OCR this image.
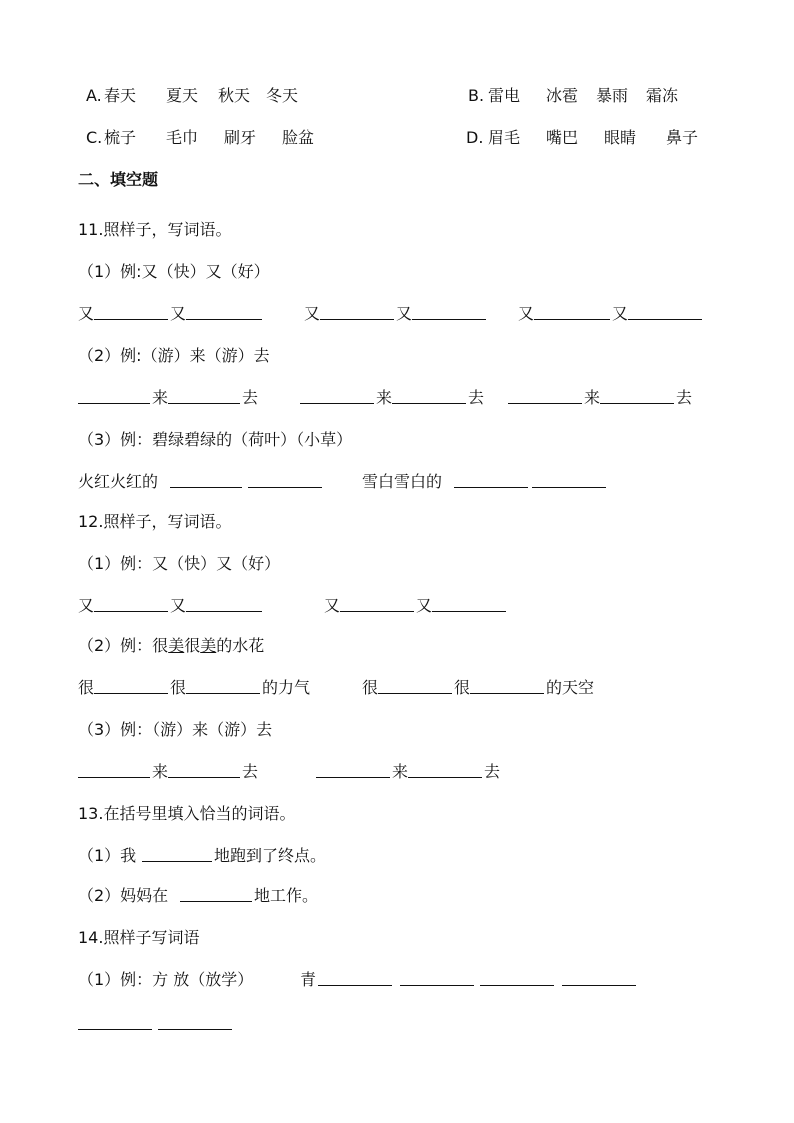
A. 春天 夏天 秋天 冬天	B. 雷电 冰雹 暴雨 霜冻
C. 梳子 毛巾 刷牙 脸盆	D. 眉毛 嘴巴 眼睛 鼻子
二、填空题
11.照样子，写词语。
（1）例:又（快）又（好）
又	又	又	又	又	又
（2）例:（游）来（游）去
来	去	来	去	来	去
（3）例：碧绿碧绿的（荷叶）（小草）
火红火红的	雪白雪白的
12.照样子，写词语。
（1）例：又（快）又（好）
又	又	又	又
（2）例：很美很美的水花
很	很	的力气	很	很	的天空
（3）例：（游）来（游）去
来	去	来	去
13.在括号里填入恰当的词语。
（1）我	地跑到了终点。
（2）妈妈在	地工作。
14.照样子写词语
（1）例：方 放（放学）	青
